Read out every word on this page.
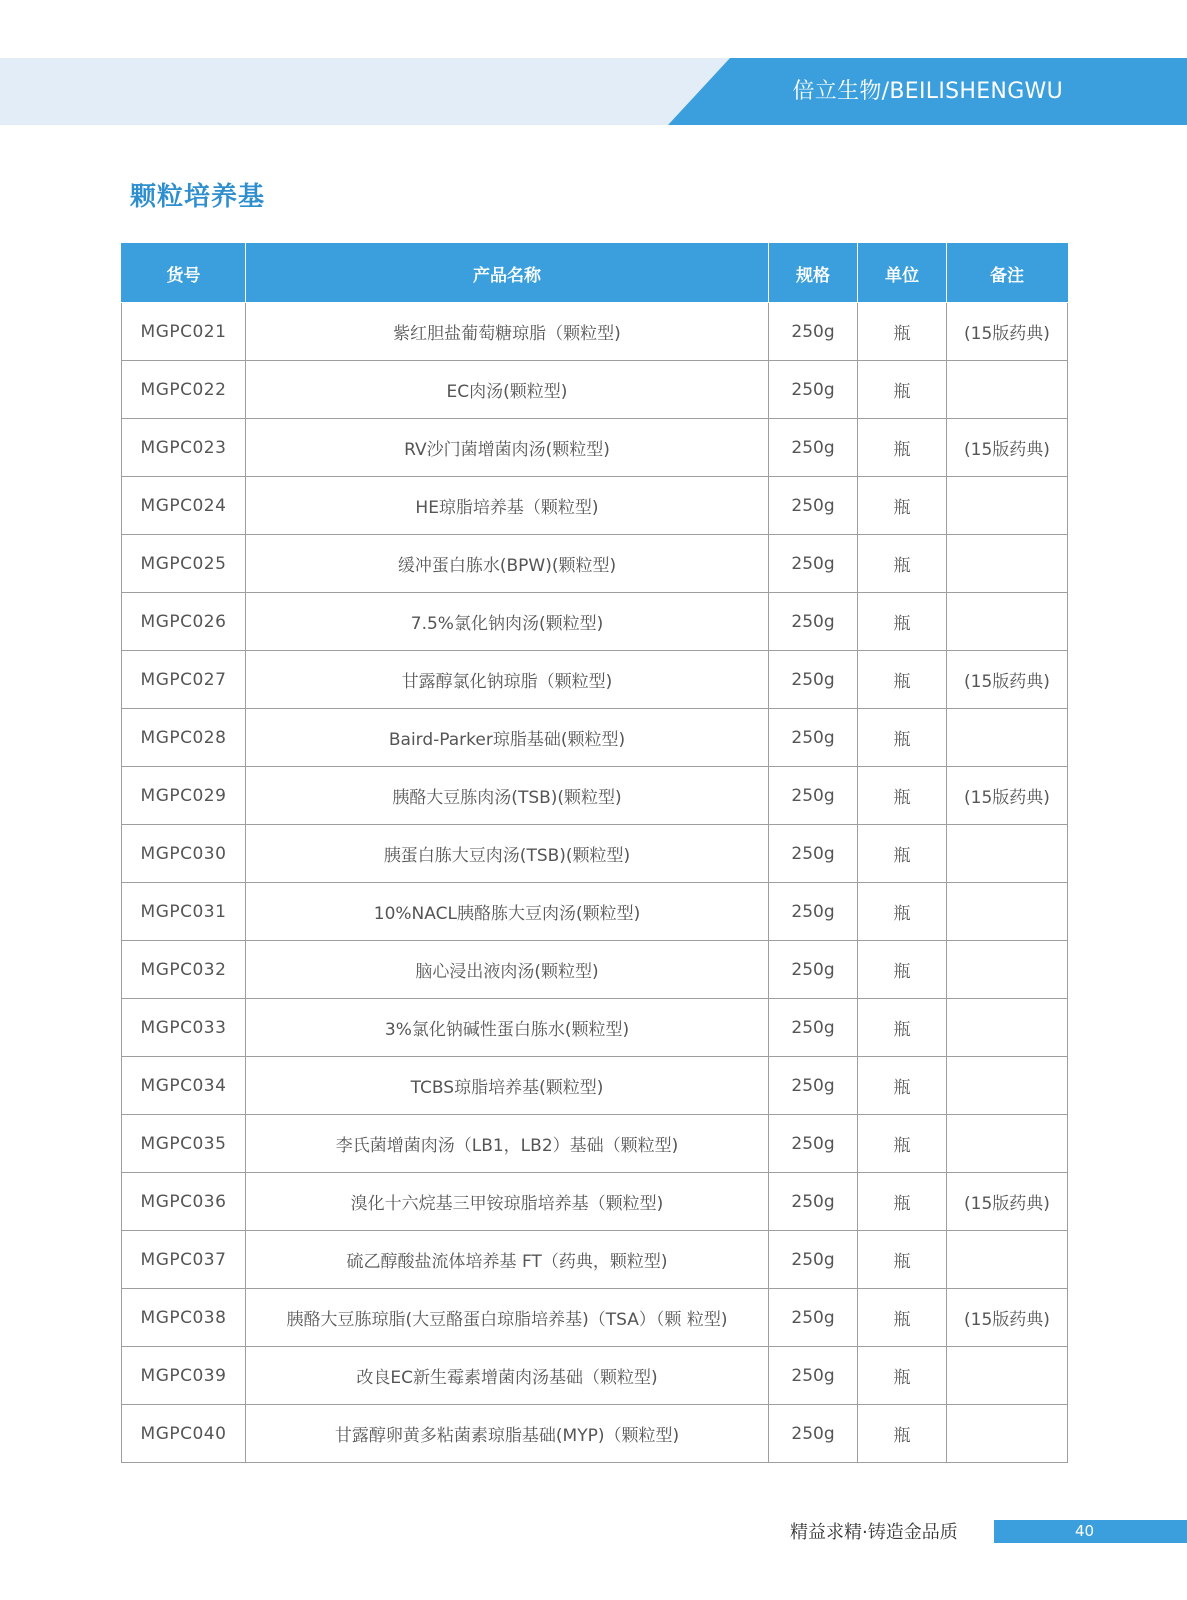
倍立生物/BEILISHENGWU
颗粒培养基
货号	产品名称	规格	单位	备注
MGPC021	紫红胆盐葡萄糖琼脂（颗粒型)	250g	瓶	(15版药典)
MGPC022	EC肉汤(颗粒型)	250g	瓶	
MGPC023	RV沙门菌增菌肉汤(颗粒型)	250g	瓶	(15版药典)
MGPC024	HE琼脂培养基（颗粒型)	250g	瓶	
MGPC025	缓冲蛋白胨水(BPW)(颗粒型)	250g	瓶	
MGPC026	7.5%氯化钠肉汤(颗粒型)	250g	瓶	
MGPC027	甘露醇氯化钠琼脂（颗粒型)	250g	瓶	(15版药典)
MGPC028	Baird-Parker琼脂基础(颗粒型)	250g	瓶	
MGPC029	胰酪大豆胨肉汤(TSB)(颗粒型)	250g	瓶	(15版药典)
MGPC030	胰蛋白胨大豆肉汤(TSB)(颗粒型)	250g	瓶	
MGPC031	10%NACL胰酪胨大豆肉汤(颗粒型)	250g	瓶	
MGPC032	脑心浸出液肉汤(颗粒型)	250g	瓶	
MGPC033	3%氯化钠碱性蛋白胨水(颗粒型)	250g	瓶	
MGPC034	TCBS琼脂培养基(颗粒型)	250g	瓶	
MGPC035	李氏菌增菌肉汤（LB1，LB2）基础（颗粒型)	250g	瓶	
MGPC036	溴化十六烷基三甲铵琼脂培养基（颗粒型)	250g	瓶	(15版药典)
MGPC037	硫乙醇酸盐流体培养基 FT（药典，颗粒型)	250g	瓶	
MGPC038	胰酪大豆胨琼脂(大豆酪蛋白琼脂培养基)（TSA）（颗 粒型)	250g	瓶	(15版药典)
MGPC039	改良EC新生霉素增菌肉汤基础（颗粒型)	250g	瓶	
MGPC040	甘露醇卵黄多粘菌素琼脂基础(MYP)（颗粒型)	250g	瓶	
精益求精·铸造金品质	40
